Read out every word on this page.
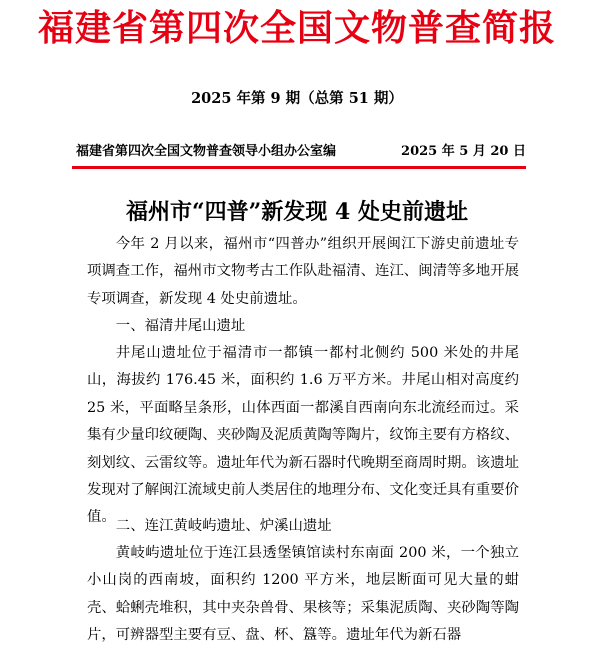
福建省第四次全国文物普查简报
2025 年第 9 期（总第 51 期）
福建省第四次全国文物普查领导小组办公室编	2025 年 5 月 20 日
福州市“四普”新发现 4 处史前遗址
今年 2 月以来，福州市“四普办”组织开展闽江下游史前遗址专项调查工作，福州市文物考古工作队赴福清、连江、闽清等多地开展专项调查，新发现 4 处史前遗址。
一、福清井尾山遗址
井尾山遗址位于福清市一都镇一都村北侧约 500 米处的井尾山，海拔约 176.45 米，面积约 1.6 万平方米。井尾山相对高度约 25 米，平面略呈条形，山体西面一都溪自西南向东北流经而过。采集有少量印纹硬陶、夹砂陶及泥质黄陶等陶片，纹饰主要有方格纹、刻划纹、云雷纹等。遗址年代为新石器时代晚期至商周时期。该遗址发现对了解闽江流域史前人类居住的地理分布、文化变迁具有重要价值。
二、连江黄岐屿遗址、炉溪山遗址
黄岐屿遗址位于连江县透堡镇馆读村东南面 200 米，一个独立小山岗的西南坡，面积约 1200 平方米，地层断面可见大量的蚶壳、蛤蜊壳堆积，其中夹杂兽骨、果核等；采集泥质陶、夹砂陶等陶片，可辨器型主要有豆、盘、杯、簋等。遗址年代为新石器
